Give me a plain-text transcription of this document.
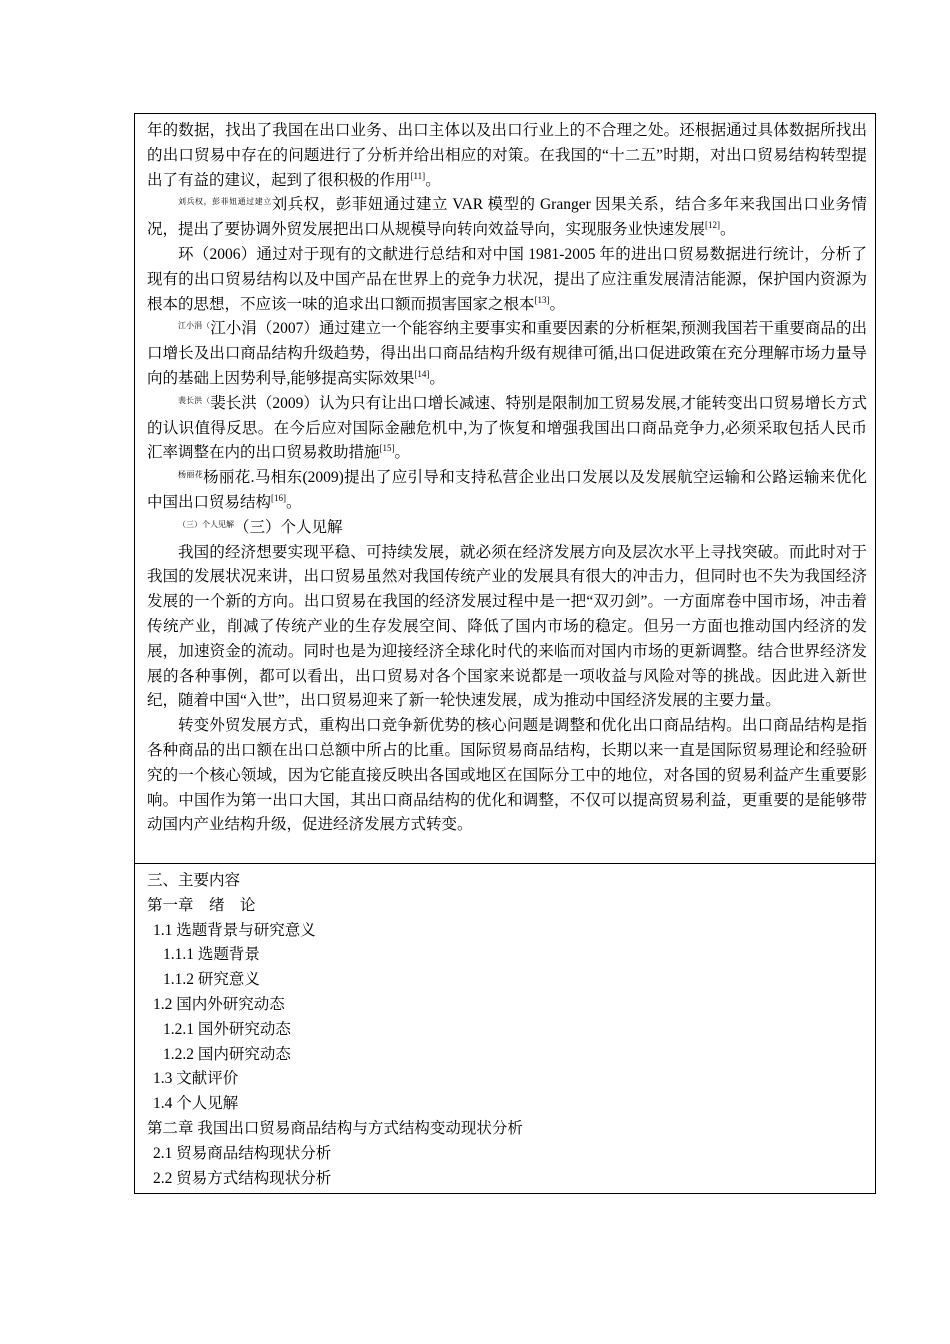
年的数据，找出了我国在出口业务、出口主体以及出口行业上的不合理之处。还根据通过具体数据所找出的出口贸易中存在的问题进行了分析并给出相应的对策。在我国的“十二五”时期，对出口贸易结构转型提出了有益的建议，起到了很积极的作用[11]。

$^{刘兵权,彭菲妞通过建立}$刘兵权，彭菲妞通过建立 VAR 模型的 Granger 因果关系，结合多年来我国出口业务情况，提出了要协调外贸发展把出口从规模导向转向效益导向，实现服务业快速发展[12]。

环（2006）通过对于现有的文献进行总结和对中国 1981-2005 年的进出口贸易数据进行统计，分析了现有的出口贸易结构以及中国产品在世界上的竞争力状况，提出了应注重发展清洁能源，保护国内资源为根本的思想，不应该一味的追求出口额而损害国家之根本[13]。

$^{江小涓(}$江小涓（2007）通过建立一个能容纳主要事实和重要因素的分析框架,预测我国若干重要商品的出口增长及出口商品结构升级趋势，得出出口商品结构升级有规律可循,出口促进政策在充分理解市场力量导向的基础上因势利导,能够提高实际效果[14]。

$^{裴长洪(}$裴长洪（2009）认为只有让出口增长减速、特别是限制加工贸易发展,才能转变出口贸易增长方式的认识值得反思。在今后应对国际金融危机中,为了恢复和增强我国出口商品竞争力,必须采取包括人民币汇率调整在内的出口贸易救助措施[15]。

$^{杨丽花}$杨丽花.马相东(2009)提出了应引导和支持私营企业出口发展以及发展航空运输和公路运输来优化中国出口贸易结构[16]。

$^{(三)个人见解}$（三）个人见解

我国的经济想要实现平稳、可持续发展，就必须在经济发展方向及层次水平上寻找突破。而此时对于我国的发展状况来讲，出口贸易虽然对我国传统产业的发展具有很大的冲击力，但同时也不失为我国经济发展的一个新的方向。出口贸易在我国的经济发展过程中是一把“双刃剑”。一方面席卷中国市场，冲击着传统产业，削减了传统产业的生存发展空间、降低了国内市场的稳定。但另一方面也推动国内经济的发展，加速资金的流动。同时也是为迎接经济全球化时代的来临而对国内市场的更新调整。结合世界经济发展的各种事例，都可以看出，出口贸易对各个国家来说都是一项收益与风险对等的挑战。因此进入新世纪，随着中国“入世”，出口贸易迎来了新一轮快速发展，成为推动中国经济发展的主要力量。

转变外贸发展方式，重构出口竞争新优势的核心问题是调整和优化出口商品结构。出口商品结构是指各种商品的出口额在出口总额中所占的比重。国际贸易商品结构，长期以来一直是国际贸易理论和经验研究的一个核心领域，因为它能直接反映出各国或地区在国际分工中的地位，对各国的贸易利益产生重要影响。中国作为第一出口大国，其出口商品结构的优化和调整，不仅可以提高贸易利益，更重要的是能够带动国内产业结构升级，促进经济发展方式转变。

三、主要内容
第一章　绪　论
1.1 选题背景与研究意义
1.1.1 选题背景
1.1.2 研究意义
1.2 国内外研究动态
1.2.1 国外研究动态
1.2.2 国内研究动态
1.3 文献评价
1.4 个人见解
第二章 我国出口贸易商品结构与方式结构变动现状分析
2.1 贸易商品结构现状分析
2.2 贸易方式结构现状分析
